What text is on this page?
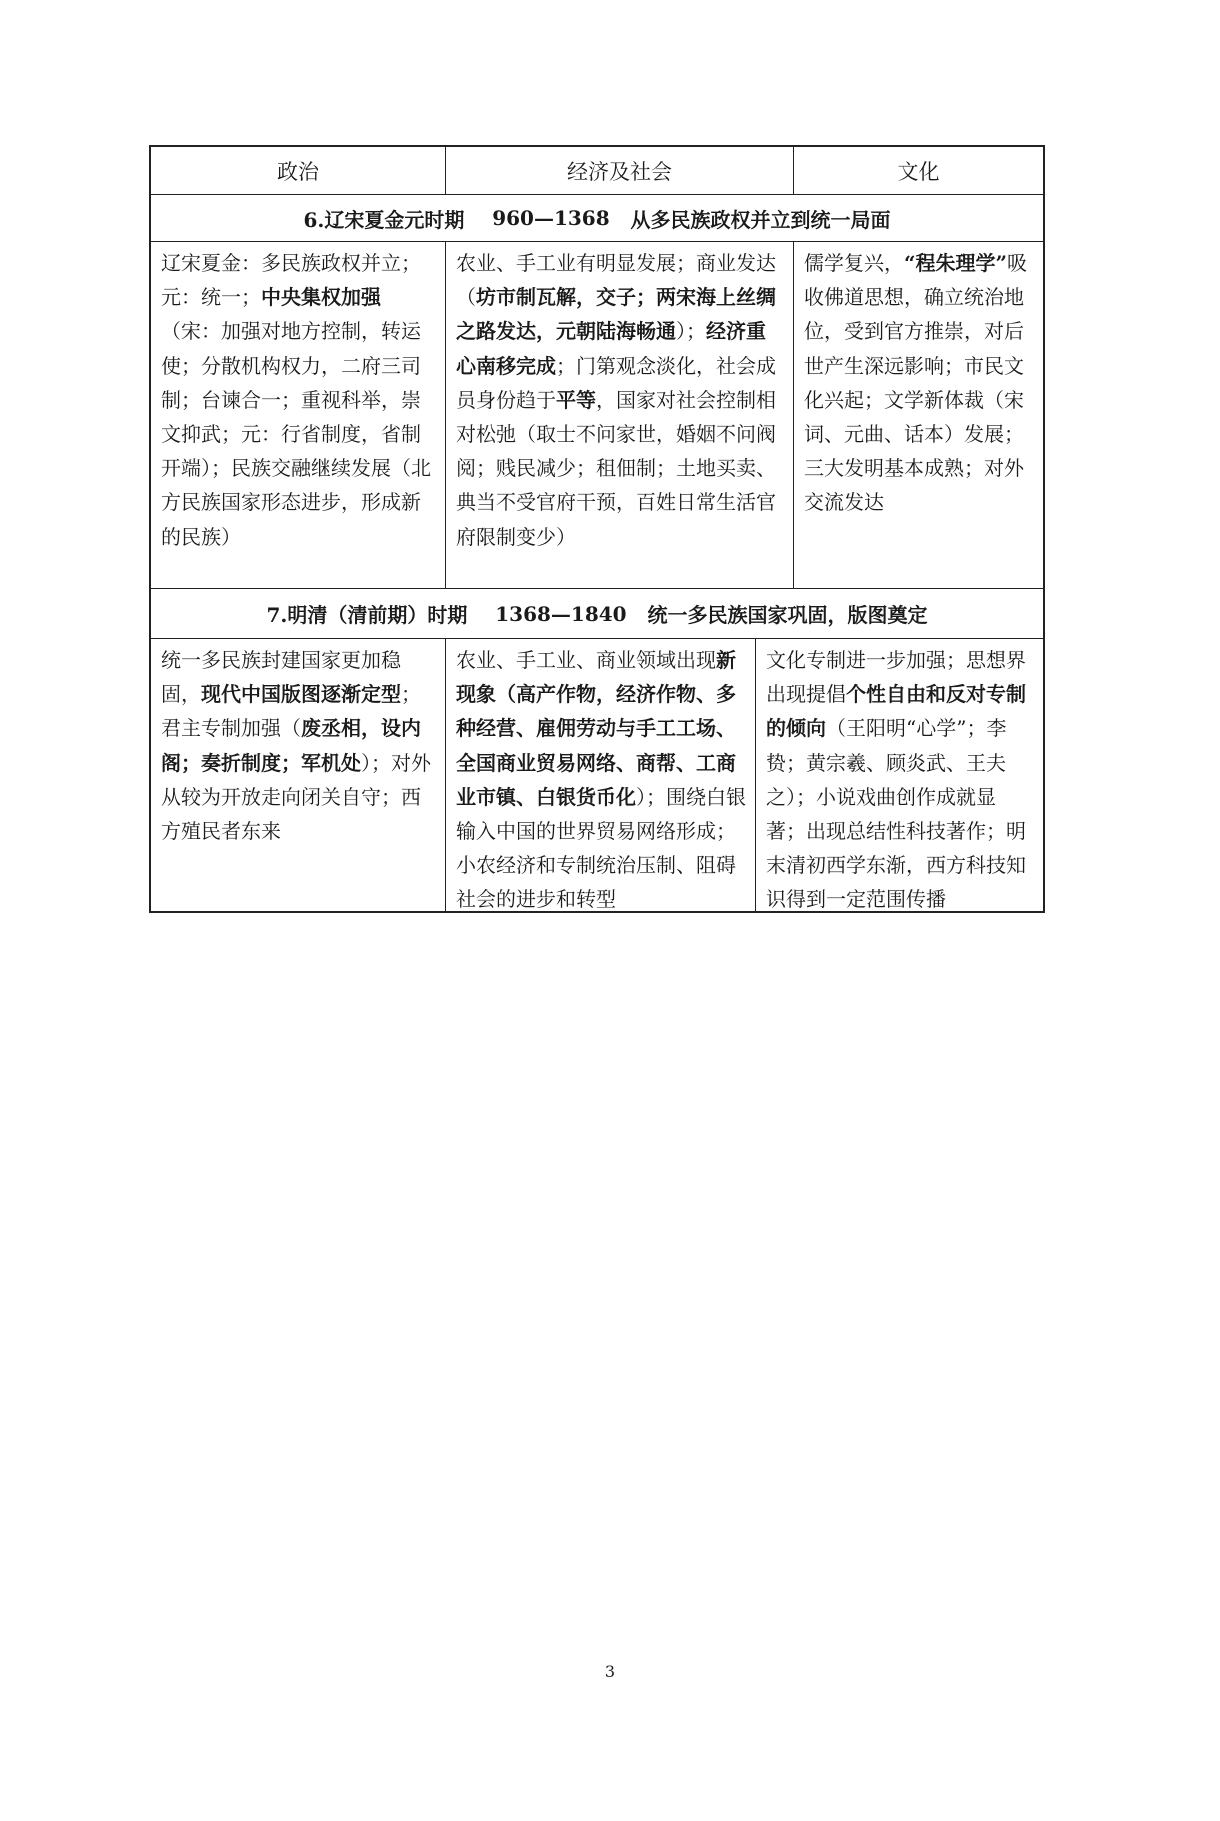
政治	经济及社会	文化
6.辽宋夏金元时期
960—1368
从多民族政权并立到统一局面
辽宋夏金：多民族政权并立；元：统一；中央集权加强（宋：加强对地方控制，转运使；分散机构权力，二府三司制；台谏合一；重视科举，崇文抑武；元：行省制度，省制开端）；民族交融继续发展（北方民族国家形态进步，形成新的民族）
农业、手工业有明显发展；商业发达（坊市制瓦解，交子；两宋海上丝绸之路发达，元朝陆海畅通）；经济重心南移完成；门第观念淡化，社会成员身份趋于平等，国家对社会控制相对松弛（取士不问家世，婚姻不问阀阅；贱民减少；租佃制；土地买卖、典当不受官府干预，百姓日常生活官府限制变少）
儒学复兴，“程朱理学”吸收佛道思想，确立统治地位，受到官方推崇，对后世产生深远影响；市民文化兴起；文学新体裁（宋词、元曲、话本）发展；三大发明基本成熟；对外交流发达
7.明清（清前期）时期
1368—1840
统一多民族国家巩固，版图奠定
统一多民族封建国家更加稳固，现代中国版图逐渐定型；君主专制加强（废丞相，设内阁；奏折制度；军机处）；对外从较为开放走向闭关自守；西方殖民者东来
农业、手工业、商业领域出现新现象（高产作物，经济作物、多种经营、雇佣劳动与手工工场、全国商业贸易网络、商帮、工商业市镇、白银货币化）；围绕白银输入中国的世界贸易网络形成；小农经济和专制统治压制、阻碍社会的进步和转型
文化专制进一步加强；思想界出现提倡个性自由和反对专制的倾向（王阳明“心学”；李贽；黄宗羲、顾炎武、王夫之）；小说戏曲创作成就显著；出现总结性科技著作；明末清初西学东渐，西方科技知识得到一定范围传播
3
